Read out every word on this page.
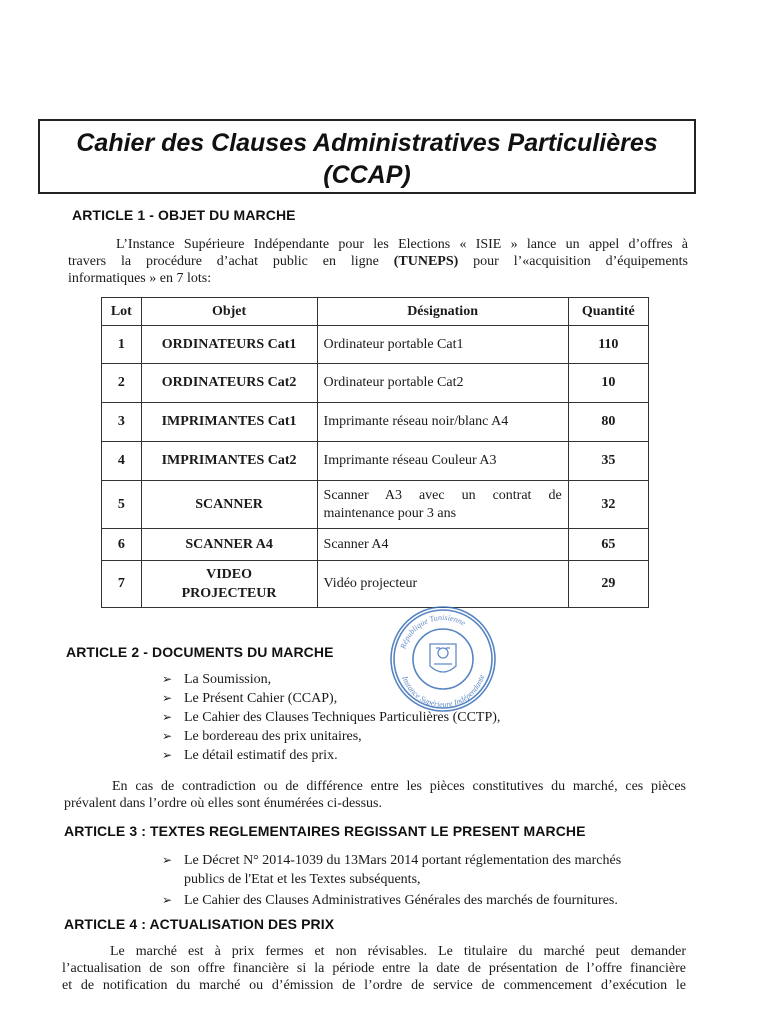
Cahier des Clauses Administratives Particulières
(CCAP)
ARTICLE 1 - OBJET DU MARCHE
L’Instance Supérieure Indépendante pour les Elections « ISIE » lance un appel d’offres à
travers la procédure d’achat public en ligne (TUNEPS) pour l’«acquisition d’équipements
informatiques » en 7 lots:
Lot	Objet	Désignation	Quantité
1	ORDINATEURS Cat1	Ordinateur portable Cat1	110
2	ORDINATEURS Cat2	Ordinateur portable Cat2	10
3	IMPRIMANTES Cat1	Imprimante réseau noir/blanc A4	80
4	IMPRIMANTES Cat2	Imprimante réseau Couleur A3	35
5	SCANNER	Scanner A3 avec un contrat de
maintenance pour 3 ans	32
6	SCANNER A4	Scanner A4	65
7	VIDEO
PROJECTEUR	Vidéo projecteur	29
République Tunisienne
Instance Supérieure Indépendante
ARTICLE 2 - DOCUMENTS DU MARCHE
➢ La Soumission,
➢ Le Présent Cahier (CCAP),
➢ Le Cahier des Clauses Techniques Particulières (CCTP),
➢ Le bordereau des prix unitaires,
➢ Le détail estimatif des prix.
En cas de contradiction ou de différence entre les pièces constitutives du marché, ces pièces
prévalent dans l’ordre où elles sont énumérées ci-dessus.
ARTICLE 3 : TEXTES REGLEMENTAIRES REGISSANT LE PRESENT MARCHE
➢ Le Décret N° 2014-1039 du 13Mars 2014 portant réglementation des marchés
publics de l'Etat et les Textes subséquents,
➢ Le Cahier des Clauses Administratives Générales des marchés de fournitures.
ARTICLE 4 : ACTUALISATION DES PRIX
Le marché est à prix fermes et non révisables. Le titulaire du marché peut demander
l’actualisation de son offre financière si la période entre la date de présentation de l’offre financière
et de notification du marché ou d’émission de l’ordre de service de commencement d’exécution le
